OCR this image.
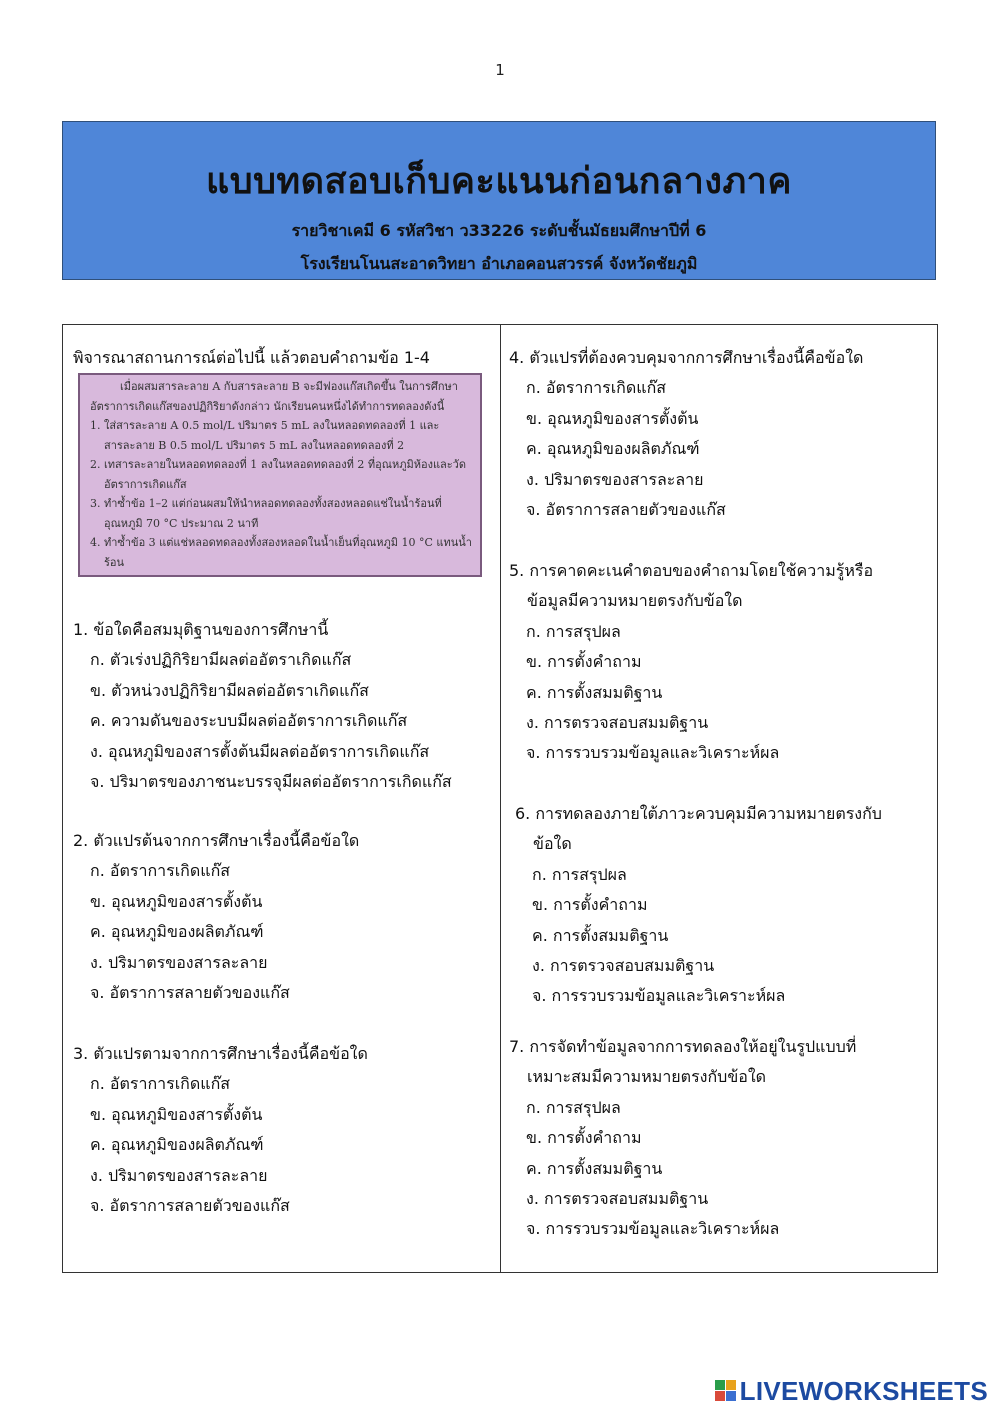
1
แบบทดสอบเก็บคะแนนก่อนกลางภาค
รายวิชาเคมี 6 รหัสวิชา ว33226 ระดับชั้นมัธยมศึกษาปีที่ 6
โรงเรียนโนนสะอาดวิทยา อำเภอคอนสวรรค์ จังหวัดชัยภูมิ
พิจารณาสถานการณ์ต่อไปนี้ แล้วตอบคำถามข้อ 1-4
เมื่อผสมสารละลาย A กับสารละลาย B จะมีฟองแก๊สเกิดขึ้น ในการศึกษาอัตราการเกิดแก๊สของปฏิกิริยาดังกล่าว นักเรียนคนหนึ่งได้ทำการทดลองดังนี้
1. ใส่สารละลาย A 0.5 mol/L ปริมาตร 5 mL ลงในหลอดทดลองที่ 1 และสารละลาย B 0.5 mol/L ปริมาตร 5 mL ลงในหลอดทดลองที่ 2
2. เทสารละลายในหลอดทดลองที่ 1 ลงในหลอดทดลองที่ 2 ที่อุณหภูมิห้องและวัดอัตราการเกิดแก๊ส
3. ทำซ้ำข้อ 1–2 แต่ก่อนผสมให้นำหลอดทดลองทั้งสองหลอดแช่ในน้ำร้อนที่อุณหภูมิ 70 °C ประมาณ 2 นาที
4. ทำซ้ำข้อ 3 แต่แช่หลอดทดลองทั้งสองหลอดในน้ำเย็นที่อุณหภูมิ 10 °C แทนน้ำร้อน
1. ข้อใดคือสมมุติฐานของการศึกษานี้
ก. ตัวเร่งปฏิกิริยามีผลต่ออัตราเกิดแก๊ส
ข. ตัวหน่วงปฏิกิริยามีผลต่ออัตราเกิดแก๊ส
ค. ความดันของระบบมีผลต่ออัตราการเกิดแก๊ส
ง. อุณหภูมิของสารตั้งต้นมีผลต่ออัตราการเกิดแก๊ส
จ. ปริมาตรของภาชนะบรรจุมีผลต่ออัตราการเกิดแก๊ส
2. ตัวแปรต้นจากการศึกษาเรื่องนี้คือข้อใด
ก. อัตราการเกิดแก๊ส
ข. อุณหภูมิของสารตั้งต้น
ค. อุณหภูมิของผลิตภัณฑ์
ง. ปริมาตรของสารละลาย
จ. อัตราการสลายตัวของแก๊ส
3. ตัวแปรตามจากการศึกษาเรื่องนี้คือข้อใด
ก. อัตราการเกิดแก๊ส
ข. อุณหภูมิของสารตั้งต้น
ค. อุณหภูมิของผลิตภัณฑ์
ง. ปริมาตรของสารละลาย
จ. อัตราการสลายตัวของแก๊ส
4. ตัวแปรที่ต้องควบคุมจากการศึกษาเรื่องนี้คือข้อใด
ก. อัตราการเกิดแก๊ส
ข. อุณหภูมิของสารตั้งต้น
ค. อุณหภูมิของผลิตภัณฑ์
ง. ปริมาตรของสารละลาย
จ. อัตราการสลายตัวของแก๊ส
5. การคาดคะเนคำตอบของคำถามโดยใช้ความรู้หรือ
ข้อมูลมีความหมายตรงกับข้อใด
ก. การสรุปผล
ข. การตั้งคำถาม
ค. การตั้งสมมติฐาน
ง. การตรวจสอบสมมติฐาน
จ. การรวบรวมข้อมูลและวิเคราะห์ผล
6. การทดลองภายใต้ภาวะควบคุมมีความหมายตรงกับ
ข้อใด
ก. การสรุปผล
ข. การตั้งคำถาม
ค. การตั้งสมมติฐาน
ง. การตรวจสอบสมมติฐาน
จ. การรวบรวมข้อมูลและวิเคราะห์ผล
7. การจัดทำข้อมูลจากการทดลองให้อยู่ในรูปแบบที่
เหมาะสมมีความหมายตรงกับข้อใด
ก. การสรุปผล
ข. การตั้งคำถาม
ค. การตั้งสมมติฐาน
ง. การตรวจสอบสมมติฐาน
จ. การรวบรวมข้อมูลและวิเคราะห์ผล
LIVEWORKSHEETS
